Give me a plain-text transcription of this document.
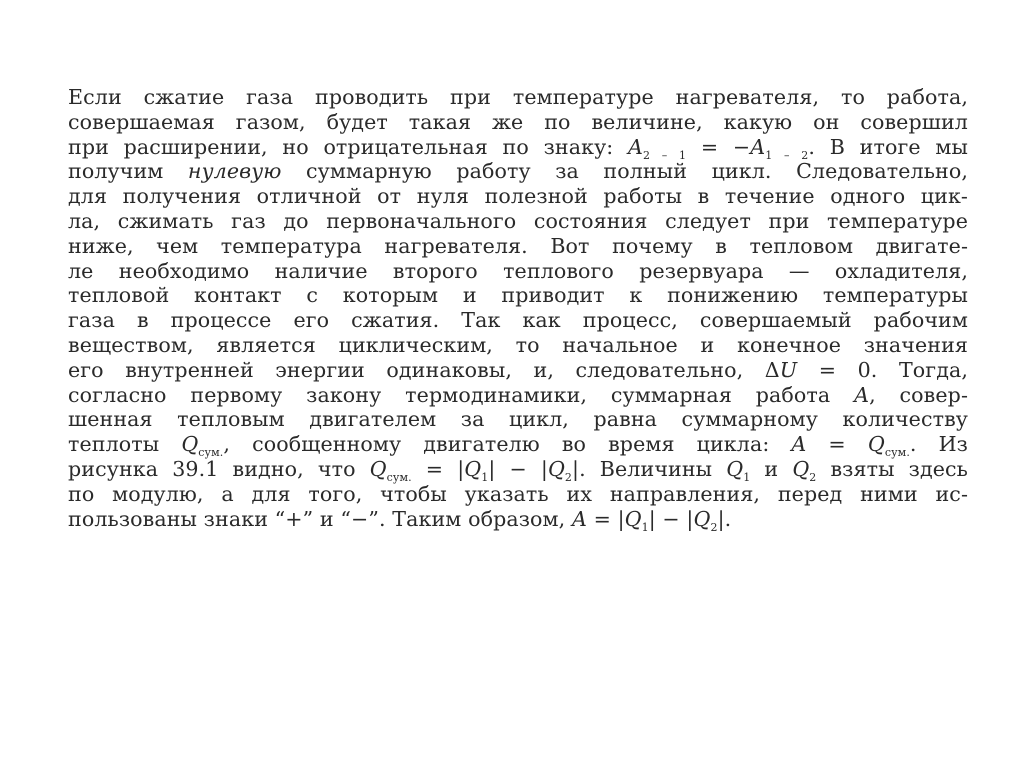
Если сжатие газа проводить при температуре нагревателя, то работа,
совершаемая газом, будет такая же по величине, какую он совершил
при расширении, но отрицательная по знаку: $A_{2 - 1} = -A_{1 - 2}$. В итоге мы
получим нулевую суммарную работу за полный цикл. Следовательно,
для получения отличной от нуля полезной работы в течение одного цик-
ла, сжимать газ до первоначального состояния следует при температуре
ниже, чем температура нагревателя. Вот почему в тепловом двигате-
ле необходимо наличие второго теплового резервуара — охладителя,
тепловой контакт с которым и приводит к понижению температуры
газа в процессе его сжатия. Так как процесс, совершаемый рабочим
веществом, является циклическим, то начальное и конечное значения
его внутренней энергии одинаковы, и, следовательно, ΔU = 0. Тогда,
согласно первому закону термодинамики, суммарная работа A, совер-
шенная тепловым двигателем за цикл, равна суммарному количеству
теплоты $Q_{сум.}$, сообщенному двигателю во время цикла: $A = Q_{сум.}$. Из
рисунка 39.1 видно, что $Q_{сум.} = |Q_1| - |Q_2|$. Величины $Q_1$ и $Q_2$ взяты здесь
по модулю, а для того, чтобы указать их направления, перед ними ис-
пользованы знаки “+” и “−”. Таким образом, $A = |Q_1| - |Q_2|$.
